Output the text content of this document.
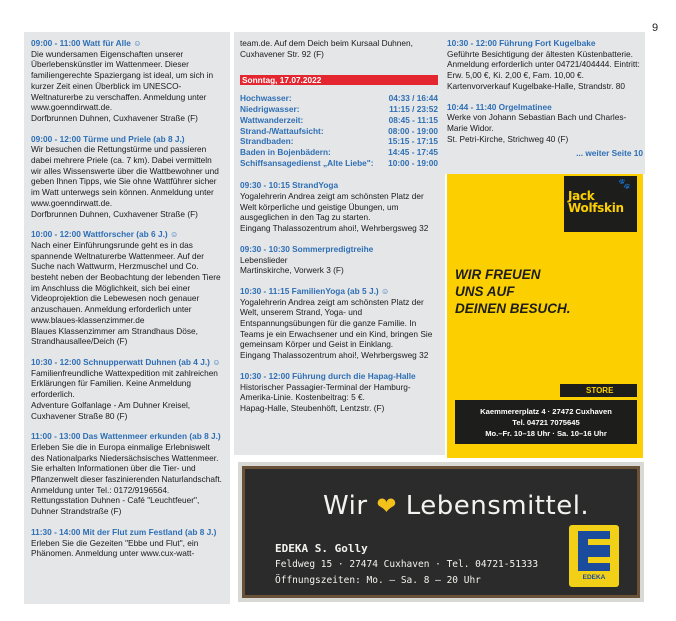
9
09:00 - 11:00 Watt für Alle ☺
Die wundersamen Eigenschaften unserer Überlebenskünstler im Wattenmeer. Dieser familiengerechte Spaziergang ist ideal, um sich in kurzer Zeit einen Überblick im UNESCO-Weltnaturerbe zu verschaffen. Anmeldung unter www.goenndirwatt.de.
Dorfbrunnen Duhnen, Cuxhavener Straße (F)
09:00 - 12:00 Türme und Priele (ab 8 J.)
Wir besuchen die Rettungstürme und passieren dabei mehrere Priele (ca. 7 km). Dabei vermitteln wir alles Wissenswerte über die Wattbewohner und geben Ihnen Tipps, wie Sie ohne Wattführer sicher im Watt unterwegs sein können. Anmeldung unter www.goenndirwatt.de.
Dorfbrunnen Duhnen, Cuxhavener Straße (F)
10:00 - 12:00 Wattforscher (ab 6 J.) ☺
Nach einer Einführungsrunde geht es in das spannende Weltnaturerbe Wattenmeer. Auf der Suche nach Wattwurm, Herzmuschel und Co. besteht neben der Beobachtung der lebenden Tiere im Anschluss die Möglichkeit, sich bei einer Videoprojektion die Lebewesen noch genauer anzuschauen. Anmeldung erforderlich unter www.blaues-klassenzimmer.de
Blaues Klassenzimmer am Strandhaus Döse, Strandhausallee/Deich (F)
10:30 - 12:00 Schnupperwatt Duhnen (ab 4 J.) ☺
Familienfreundliche Wattexpedition mit zahlreichen Erklärungen für Familien. Keine Anmeldung erforderlich.
Adventure Golfanlage - Am Duhner Kreisel, Cuxhavener Straße 80 (F)
11:00 - 13:00 Das Wattenmeer erkunden (ab 8 J.)
Erleben Sie die in Europa einmalige Erlebniswelt des Nationalparks Niedersächsisches Wattenmeer. Sie erhalten Informationen über die Tier- und Pflanzenwelt dieser faszinierenden Naturlandschaft. Anmeldung unter Tel.: 0172/9196564.
Rettungsstation Duhnen - Café "Leuchtfeuer", Duhner Strandstraße (F)
11:30 - 14:00 Mit der Flut zum Festland (ab 8 J.)
Erleben Sie die Gezeiten "Ebbe und Flut", ein Phänomen. Anmeldung unter www.cux-watt-
team.de. Auf dem Deich beim Kursaal Duhnen, Cuxhavener Str. 92 (F)
Sonntag, 17.07.2022
Hochwasser:	04:33 / 16:44
Niedrigwasser:	11:15 / 23:52
Wattwanderzeit:	08:45 - 11:15
Strand-/Wattaufsicht:	08:00 - 19:00
Strandbaden:	15:15 - 17:15
Baden in Bojenbädern:	14:45 - 17:45
Schiffsansagedienst „Alte Liebe":	10:00 - 19:00
09:30 - 10:15 StrandYoga
Yogalehrerin Andrea zeigt am schönsten Platz der Welt körperliche und geistige Übungen, um ausgeglichen in den Tag zu starten.
Eingang Thalassozentrum ahoi!, Wehrbergsweg 32
09:30 - 10:30 Sommerpredigtreihe
Lebenslieder
Martinskirche, Vorwerk 3 (F)
10:30 - 11:15 FamilienYoga (ab 5 J.) ☺
Yogalehrerin Andrea zeigt am schönsten Platz der Welt, unserem Strand, Yoga- und Entspannungsübungen für die ganze Familie. In Teams je ein Erwachsener und ein Kind, bringen Sie gemeinsam Körper und Geist in Einklang.
Eingang Thalassozentrum ahoi!, Wehrbergsweg 32
10:30 - 12:00 Führung durch die Hapag-Halle
Historischer Passagier-Terminal der Hamburg-Amerika-Linie. Kostenbeitrag: 5 €.
Hapag-Halle, Steubenhöft, Lentzstr. (F)
10:30 - 12:00 Führung Fort Kugelbake
Geführte Besichtigung der ältesten Küstenbatterie. Anmeldung erforderlich unter 04721/404444. Eintritt: Erw. 5,00 €, Ki. 2,00 €, Fam. 10,00 €.
Kartenvorverkauf Kugelbake-Halle, Strandstr. 80
10:44 - 11:40 Orgelmatinee
Werke von Johann Sebastian Bach und Charles-Marie Widor.
St. Petri-Kirche, Strichweg 40 (F)
... weiter Seite 10
🐾
Jack
Wolfskin
WIR FREUEN
UNS AUF
DEINEN BESUCH.
STORE
Kaemmererplatz 4 · 27472 Cuxhaven
Tel. 04721 7075645
Mo.–Fr. 10–18 Uhr · Sa. 10–16 Uhr
Wir ❤ Lebensmittel.
EDEKA S. Golly
Feldweg 15 · 27474 Cuxhaven · Tel. 04721-51333
Öffnungszeiten: Mo. – Sa. 8 – 20 Uhr	EDEKA
